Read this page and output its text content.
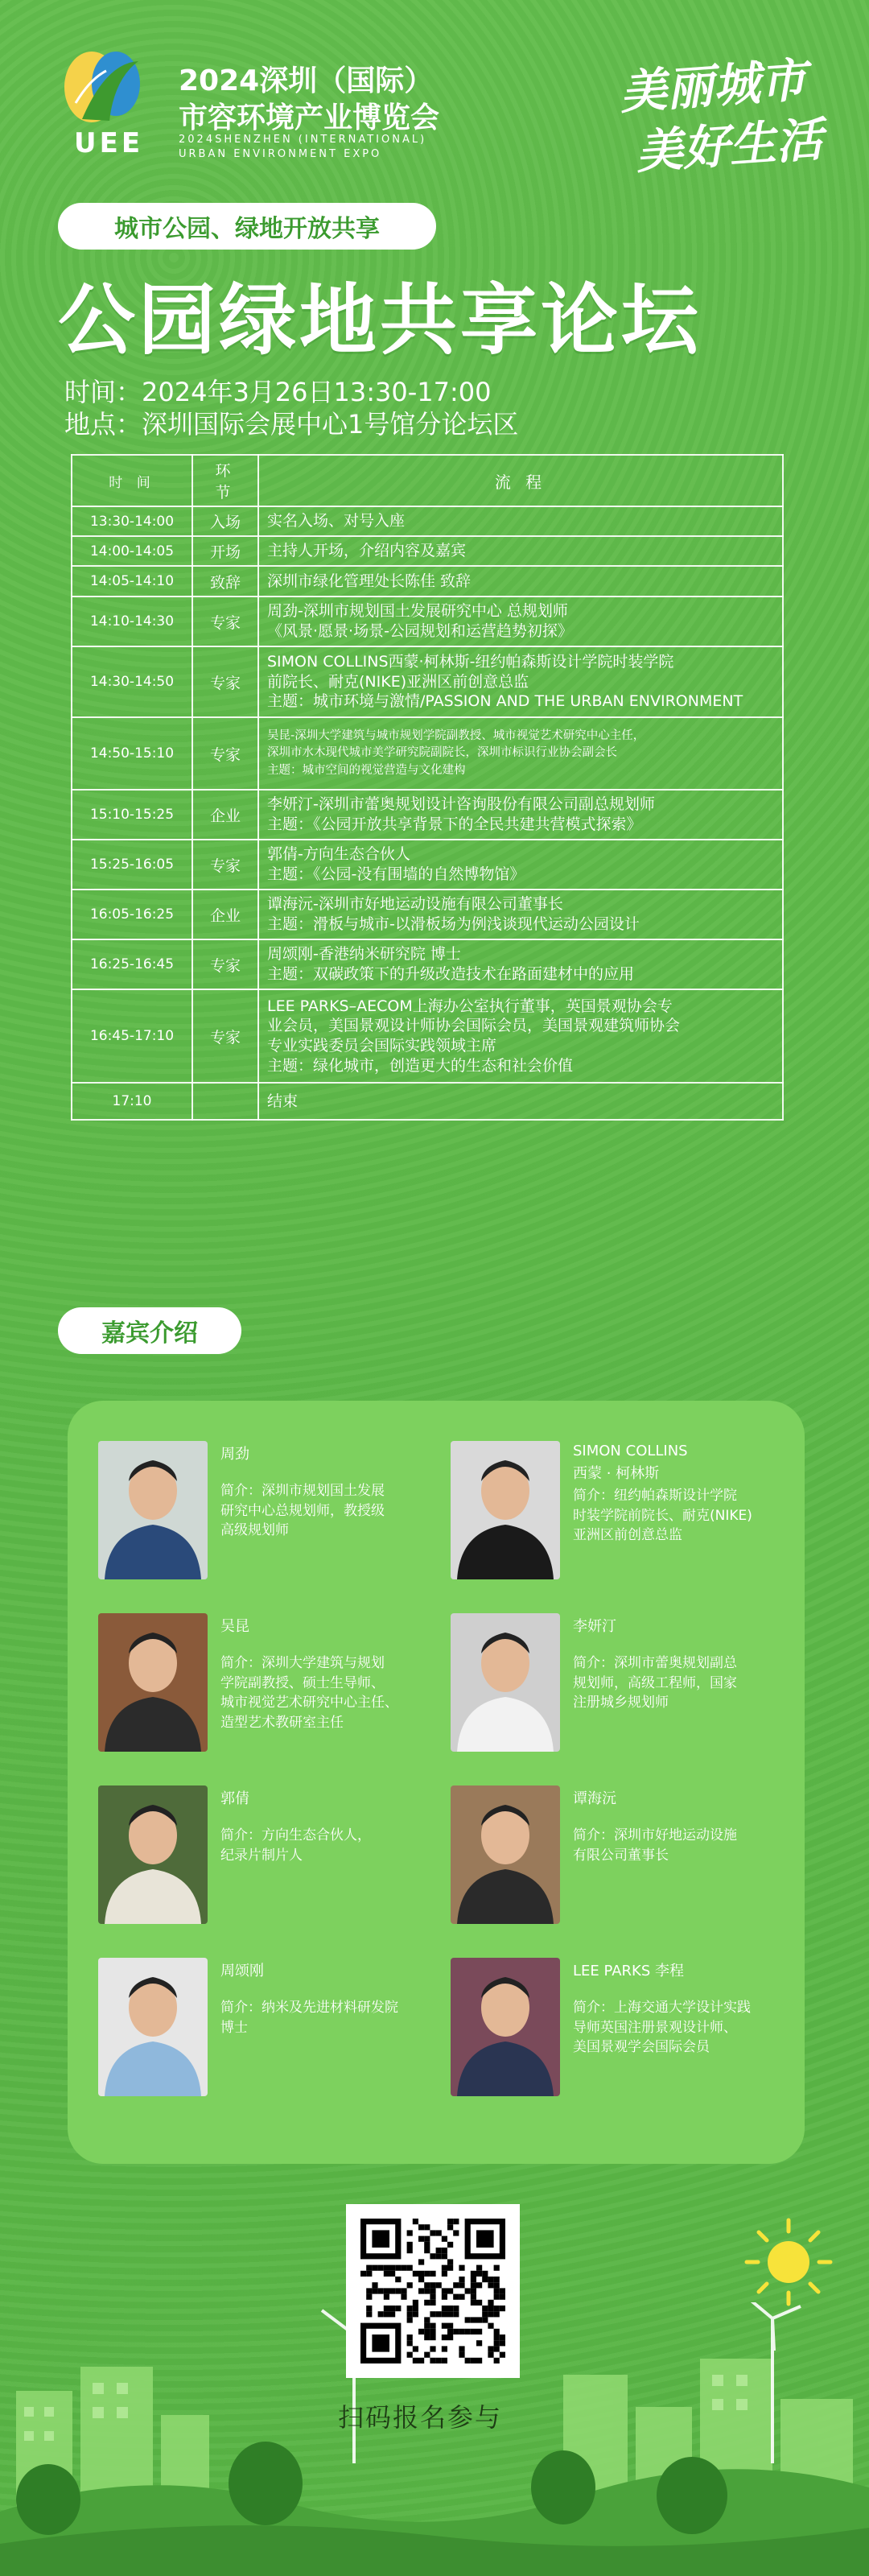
UEE
2024深圳（国际）
市容环境产业博览会
2024SHENZHEN (INTERNATIONAL)
URBAN ENVIRONMENT EXPO
美丽城市
美好生活
城市公园、绿地开放共享
公园绿地共享论坛
时间：2024年3月26日13:30-17:00
地点：深圳国际会展中心1号馆分论坛区
时 间	环 节	流 程
13:30-14:00	入场	实名入场、对号入座

14:00-14:05	开场	主持人开场，介绍内容及嘉宾

14:05-14:10	致辞	深圳市绿化管理处长陈佳 致辞

14:10-14:30	专家	周劲-深圳市规划国土发展研究中心 总规划师
《风景·愿景·场景-公园规划和运营趋势初探》

14:30-14:50	专家	SIMON COLLINS西蒙·柯林斯-纽约帕森斯设计学院时装学院
前院长、耐克(NIKE)亚洲区前创意总监
主题：城市环境与激情/PASSION AND THE URBAN ENVIRONMENT

14:50-15:10	专家	吴昆-深圳大学建筑与城市规划学院副教授、城市视觉艺术研究中心主任，
深圳市水木现代城市美学研究院副院长，深圳市标识行业协会副会长
主题：城市空间的视觉营造与文化建构

15:10-15:25	企业	李妍汀-深圳市蕾奥规划设计咨询股份有限公司副总规划师
主题：《公园开放共享背景下的全民共建共营模式探索》

15:25-16:05	专家	郭倩-方向生态合伙人
主题：《公园-没有围墙的自然博物馆》

16:05-16:25	企业	谭海沅-深圳市好地运动设施有限公司董事长
主题：滑板与城市-以滑板场为例浅谈现代运动公园设计

16:25-16:45	专家	周颂刚-香港纳米研究院 博士
主题：双碳政策下的升级改造技术在路面建材中的应用

16:45-17:10	专家	LEE PARKS–AECOM上海办公室执行董事，英国景观协会专
业会员，美国景观设计师协会国际会员，美国景观建筑师协会
专业实践委员会国际实践领域主席
主题：绿化城市，创造更大的生态和社会价值

17:10		结束
嘉宾介绍
周劲
简介：深圳市规划国土发展
研究中心总规划师，教授级
高级规划师
SIMON COLLINS
西蒙 · 柯林斯
简介：纽约帕森斯设计学院
时装学院前院长、耐克(NIKE)
亚洲区前创意总监
吴昆
简介：深圳大学建筑与规划
学院副教授、硕士生导师、
城市视觉艺术研究中心主任、
造型艺术教研室主任
李妍汀
简介：深圳市蕾奥规划副总
规划师，高级工程师，国家
注册城乡规划师
郭倩
简介：方向生态合伙人，
纪录片制片人
谭海沅
简介：深圳市好地运动设施
有限公司董事长
周颂刚
简介：纳米及先进材料研发院
博士
LEE PARKS 李程
简介：上海交通大学设计实践
导师英国注册景观设计师、
美国景观学会国际会员
扫码报名参与
